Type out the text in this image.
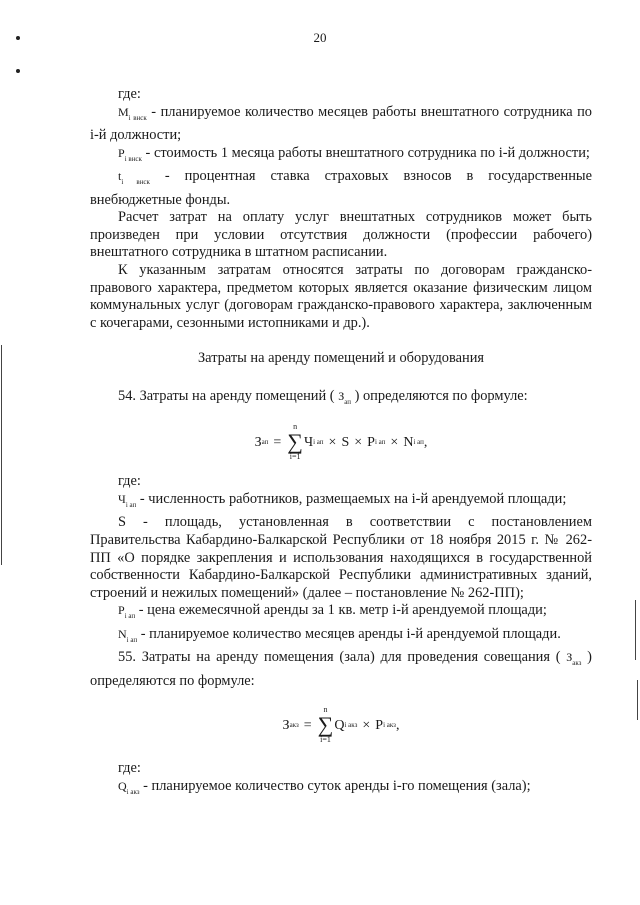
20

где:

$M_{i внск}$ - планируемое количество месяцев работы внештатного сотрудника по i-й должности;

$P_{i внск}$ - стоимость 1 месяца работы внештатного сотрудника по i-й должности;

$t_{i внск}$ - процентная ставка страховых взносов в государственные внебюджетные фонды.

Расчет затрат на оплату услуг внештатных сотрудников может быть произведен при условии отсутствия должности (профессии рабочего) внештатного сотрудника в штатном расписании.

К указанным затратам относятся затраты по договорам гражданско-правового характера, предметом которых является оказание физическим лицом коммунальных услуг (договорам гражданско-правового характера, заключенным с кочегарами, сезонными истопниками и др.).

Затраты на аренду помещений и оборудования

54. Затраты на аренду помещений ( $З_{ап}$ ) определяются по формуле:

З ап =
n
∑
i=1
Ч i ап × S × P i ап × N i ап ,

где:

$Ч_{i ап}$ - численность работников, размещаемых на i-й арендуемой площади;

S - площадь, установленная в соответствии с постановлением Правительства Кабардино-Балкарской Республики от 18 ноября 2015 г. № 262-ПП «О порядке закрепления и использования находящихся в государственной собственности Кабардино-Балкарской Республики административных зданий, строений и нежилых помещений» (далее – постановление № 262-ПП);

$P_{i ап}$ - цена ежемесячной аренды за 1 кв. метр i-й арендуемой площади;

$N_{i ап}$ - планируемое количество месяцев аренды i-й арендуемой площади.

55. Затраты на аренду помещения (зала) для проведения совещания ( $З_{акз}$ ) определяются по формуле:

З акз =
n
∑
i=1
Q i акз × P i акз ,

где:

$Q_{i акз}$ - планируемое количество суток аренды i-го помещения (зала);
